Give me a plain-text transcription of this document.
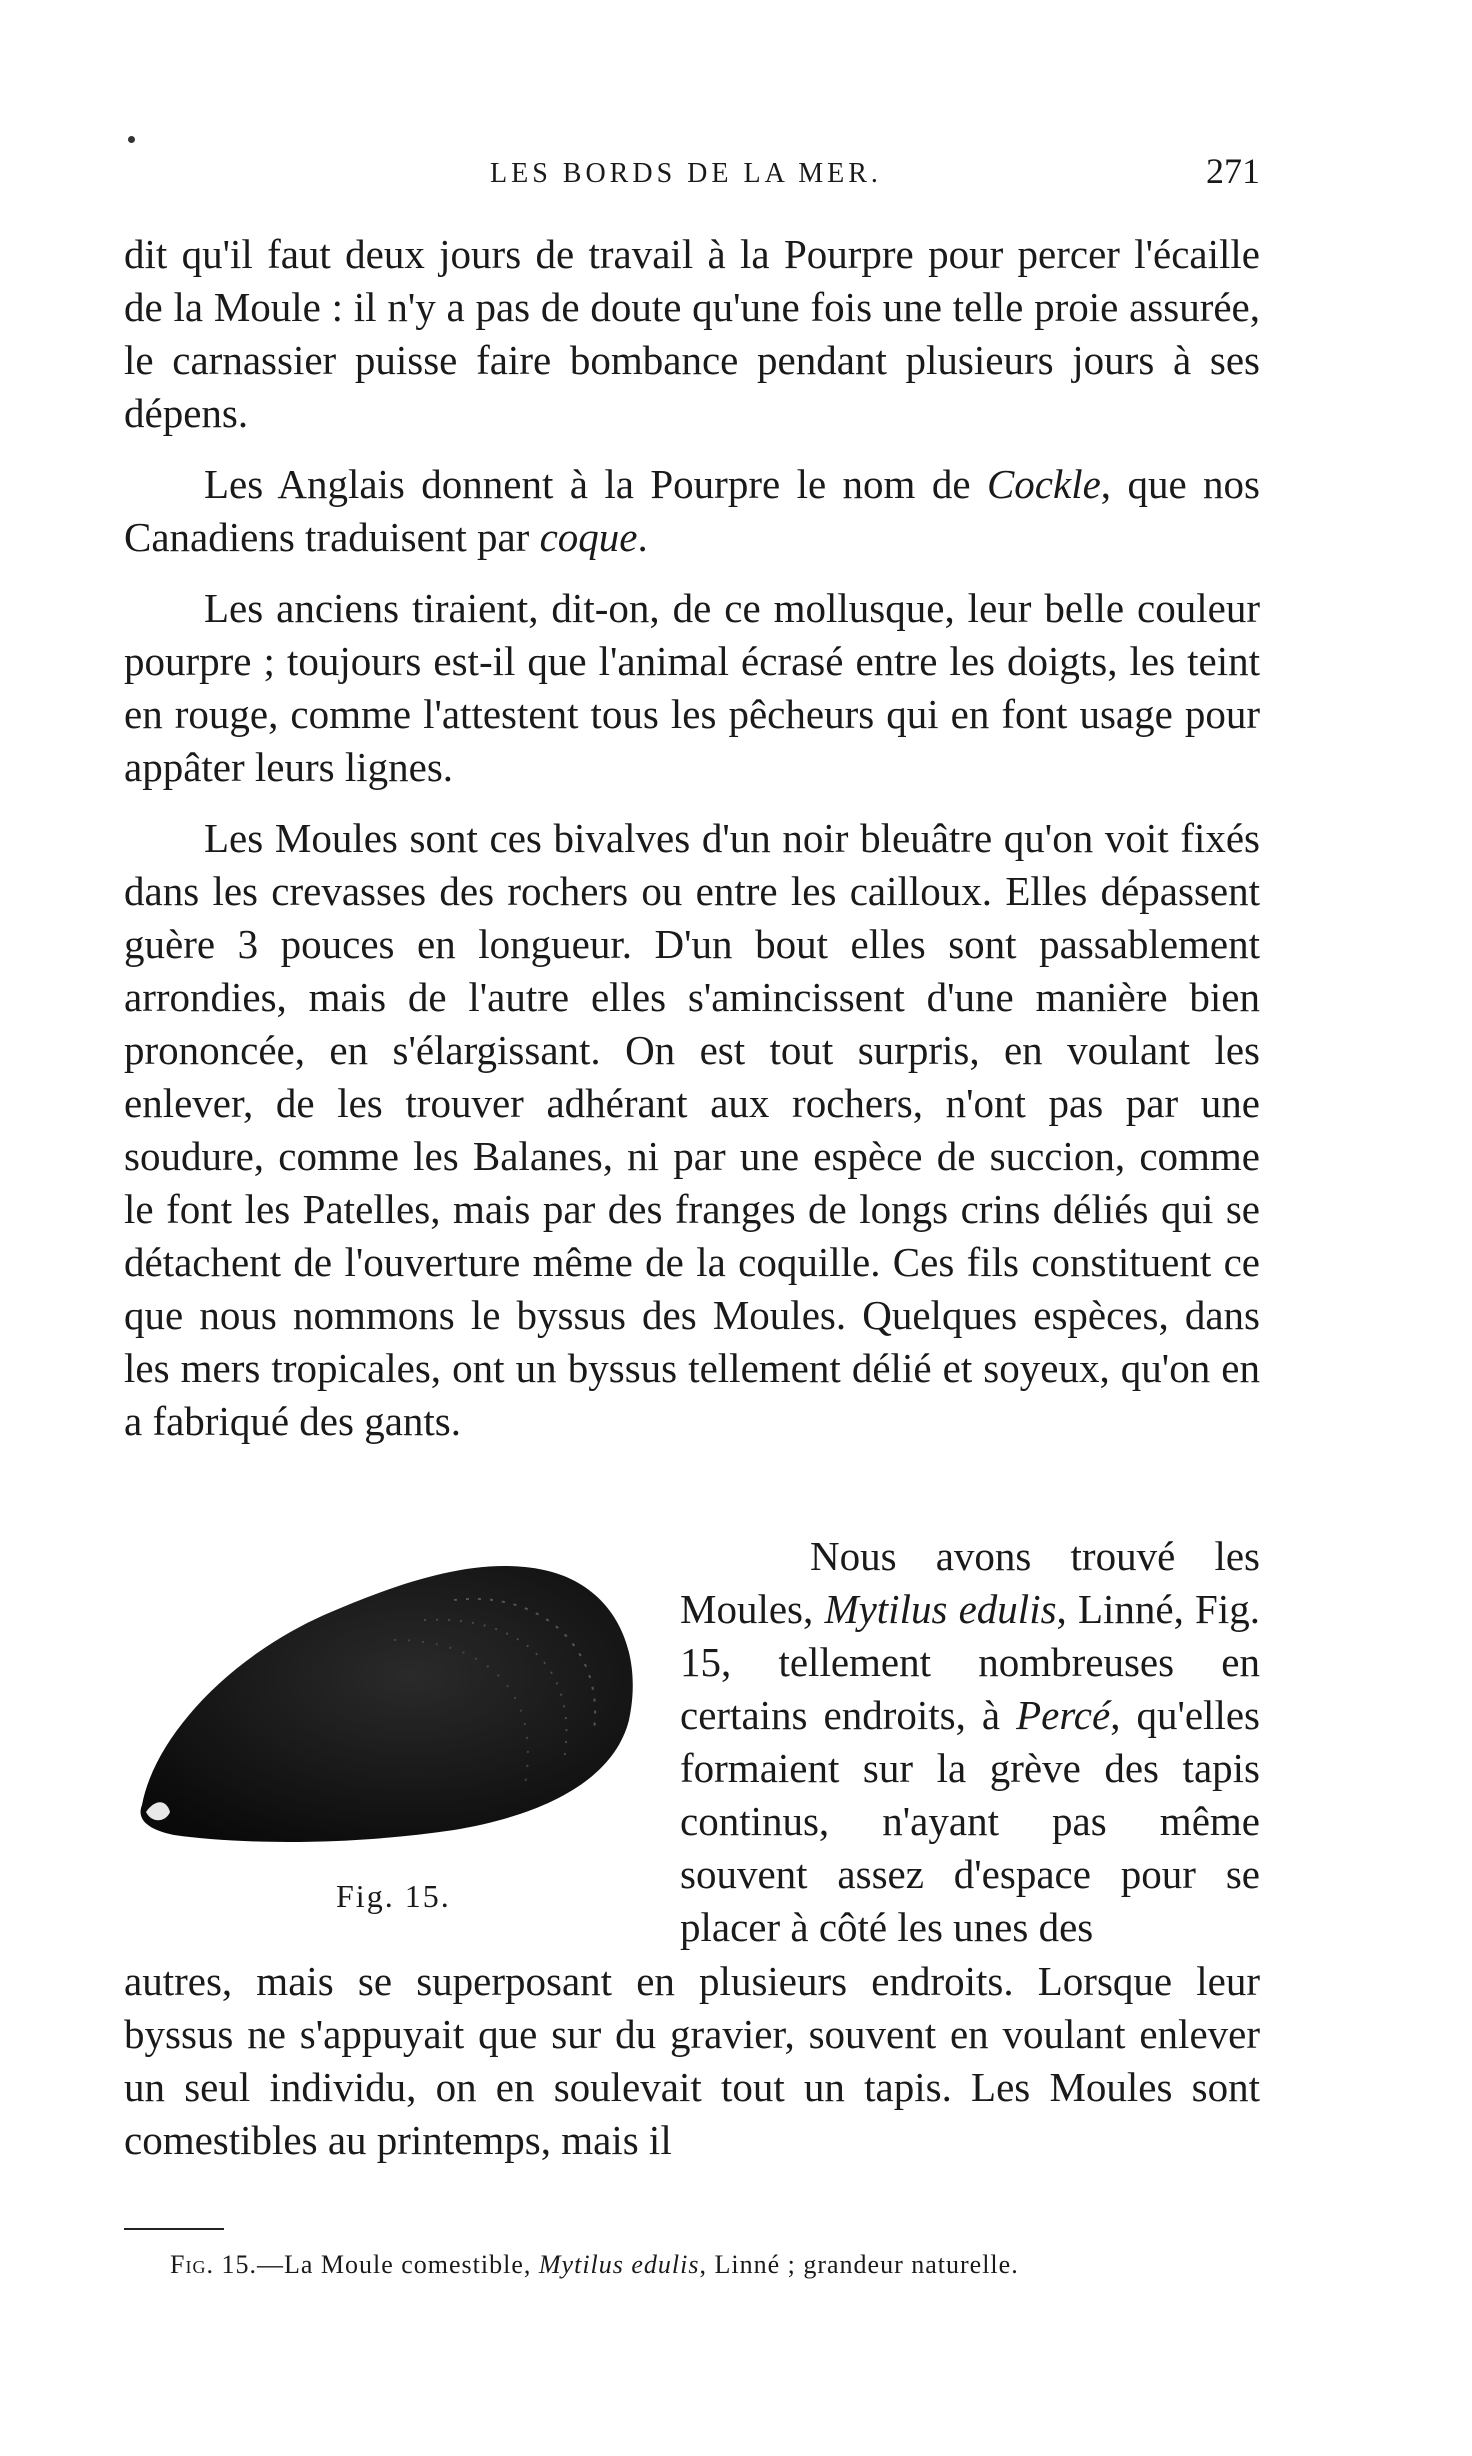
LES BORDS DE LA MER.	271

dit qu'il faut deux jours de travail à la Pourpre pour percer l'écaille de la Moule : il n'y a pas de doute qu'une fois une telle proie assurée, le carnassier puisse faire bombance pendant plusieurs jours à ses dépens.

Les Anglais donnent à la Pourpre le nom de Cockle, que nos Canadiens traduisent par coque.

Les anciens tiraient, dit-on, de ce mollusque, leur belle couleur pourpre ; toujours est-il que l'animal écrasé entre les doigts, les teint en rouge, comme l'attestent tous les pêcheurs qui en font usage pour appâter leurs lignes.

Les Moules sont ces bivalves d'un noir bleuâtre qu'on voit fixés dans les crevasses des rochers ou entre les cailloux. Elles dépassent guère 3 pouces en longueur. D'un bout elles sont passablement arrondies, mais de l'autre elles s'amincissent d'une manière bien prononcée, en s'élargissant. On est tout surpris, en voulant les enlever, de les trouver adhérant aux rochers, n'ont pas par une soudure, comme les Balanes, ni par une espèce de succion, comme le font les Patelles, mais par des franges de longs crins déliés qui se détachent de l'ouverture même de la coquille. Ces fils constituent ce que nous nommons le byssus des Moules. Quelques espèces, dans les mers tropicales, ont un byssus tellement délié et soyeux, qu'on en a fabriqué des gants.

Fig. 15.

Nous avons trouvé les Moules, Mytilus edulis, Linné, Fig. 15, tellement nombreuses en certains endroits, à Percé, qu'elles formaient sur la grève des tapis continus, n'ayant pas même souvent assez d'espace pour se placer à côté les unes des

autres, mais se superposant en plusieurs endroits. Lorsque leur byssus ne s'appuyait que sur du gravier, souvent en voulant enlever un seul individu, on en soulevait tout un tapis. Les Moules sont comestibles au printemps, mais il

Fig. 15.—La Moule comestible, Mytilus edulis, Linné ; grandeur naturelle.
